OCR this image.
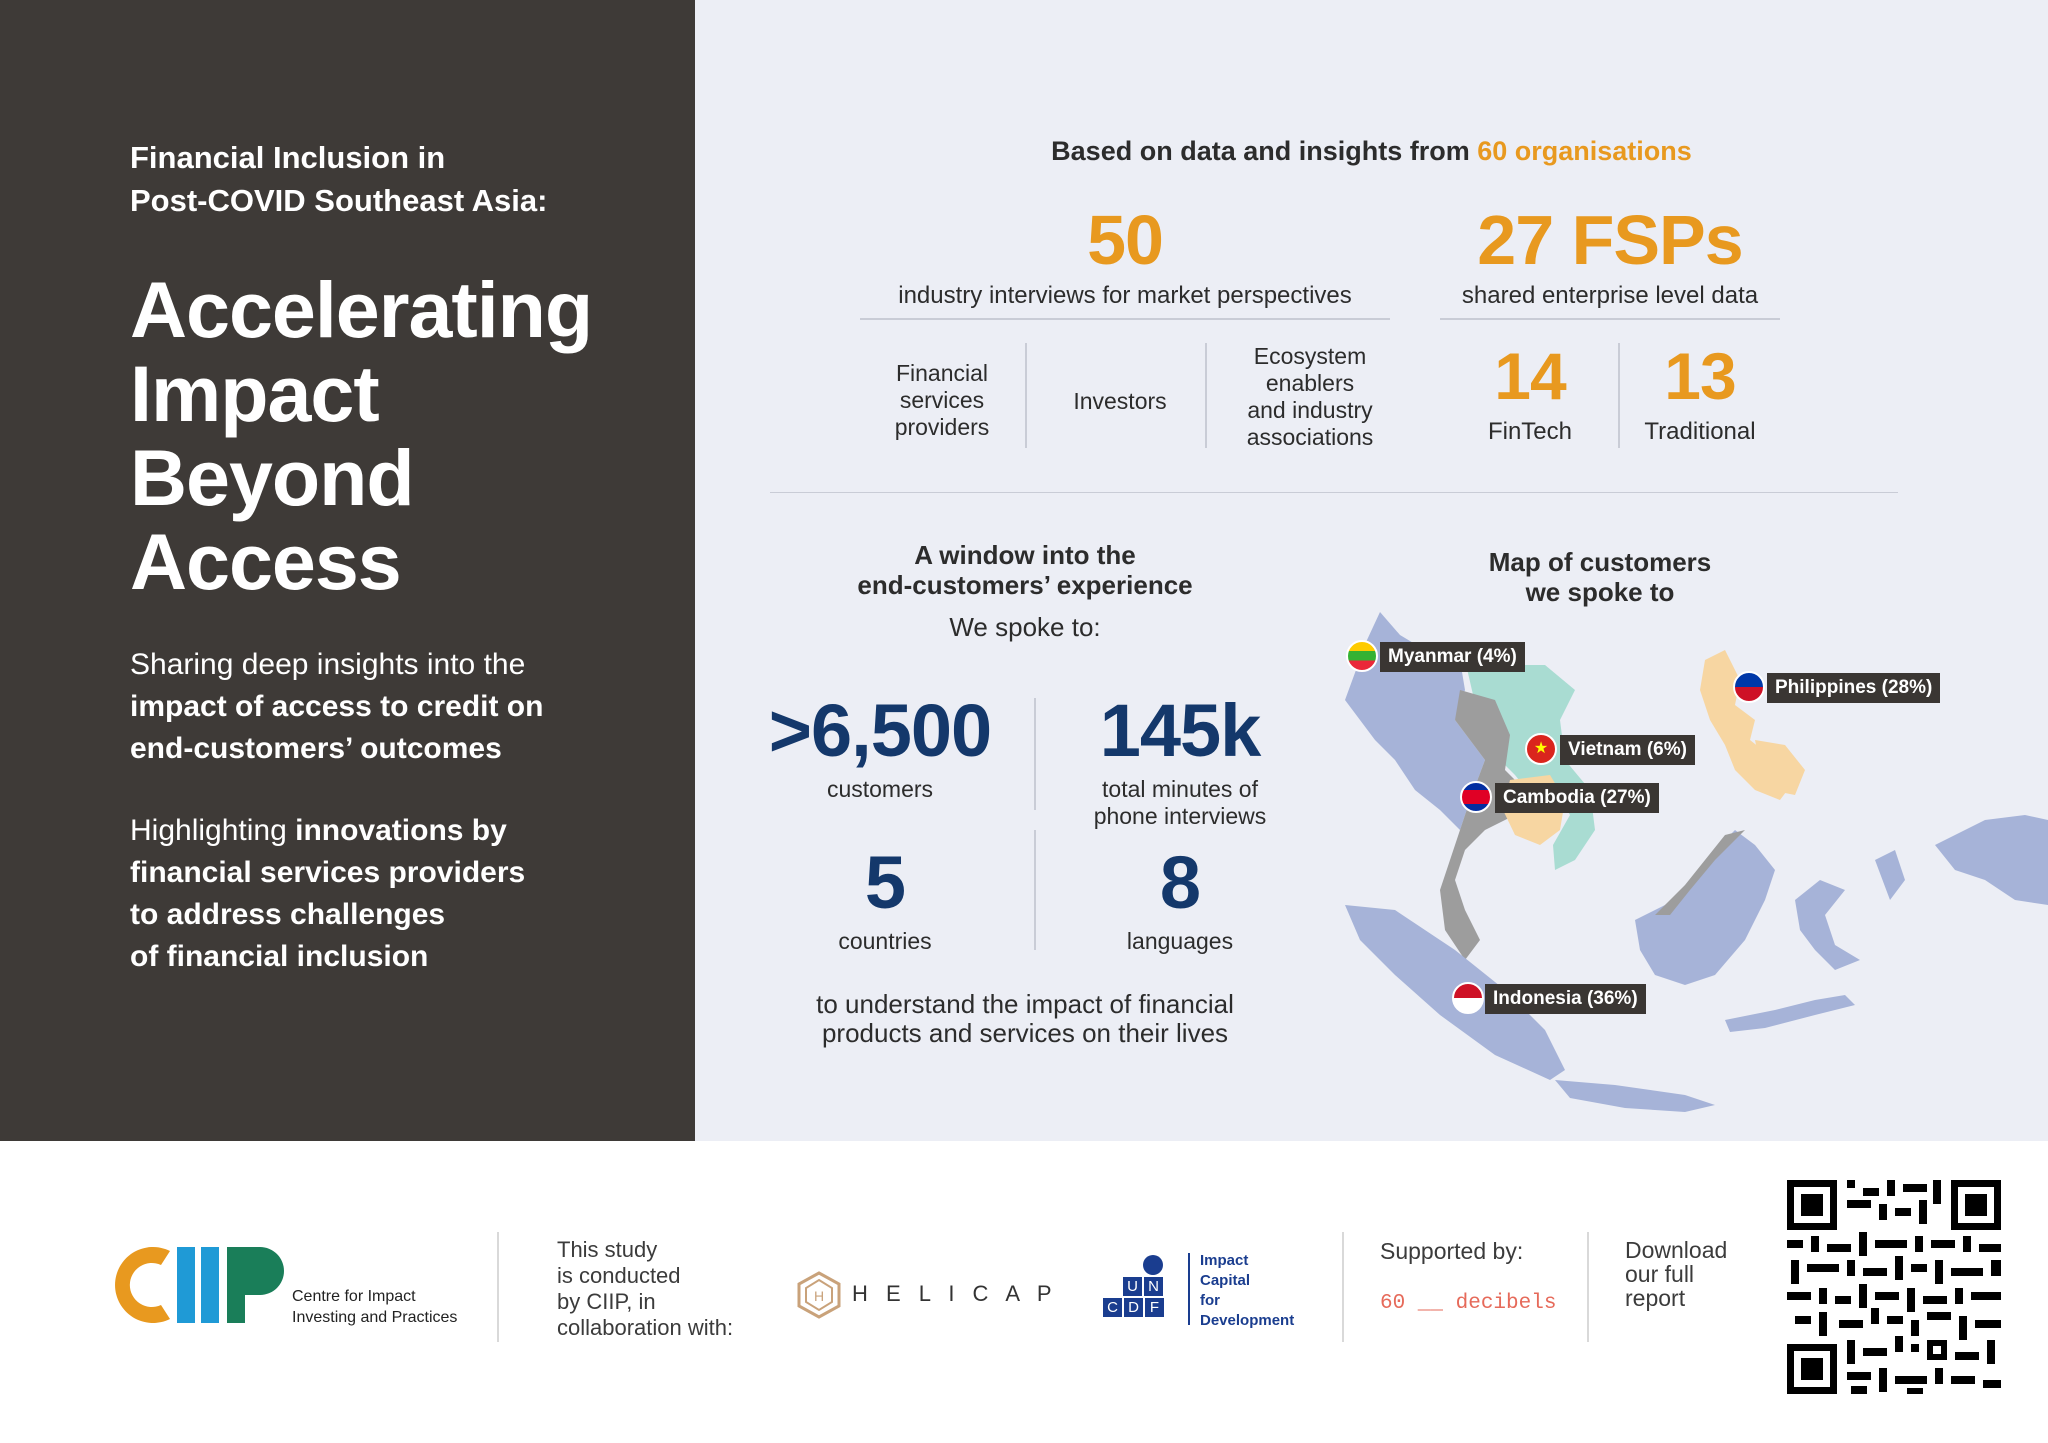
Financial Inclusion in
Post-COVID Southeast Asia:
Accelerating
Impact
Beyond
Access
Sharing deep insights into the
impact of access to credit on
end-customers’ outcomes
Highlighting innovations by
financial services providers
to address challenges
of financial inclusion
Based on data and insights from 60 organisations
50
industry interviews for market perspectives
Financial
services
providers
Investors
Ecosystem
enablers
and industry
associations
27 FSPs
shared enterprise level data
14
FinTech
13
Traditional
A window into the
end-customers’ experience
We spoke to:
>6,500
customers
145k
total minutes of
phone interviews
5
countries
8
languages
to understand the impact of financial
products and services on their lives
Map of customers
we spoke to
Myanmar (4%)
Philippines (28%)
★	Vietnam (6%)
Cambodia (27%)
Indonesia (36%)
Centre for Impact
Investing and Practices
This study
is conducted
by CIIP, in
collaboration with:
H H E L I C A P	U N
C D F
Impact
Capital
for
Development
Supported by:
60 __ decibels
Download
our full
report
